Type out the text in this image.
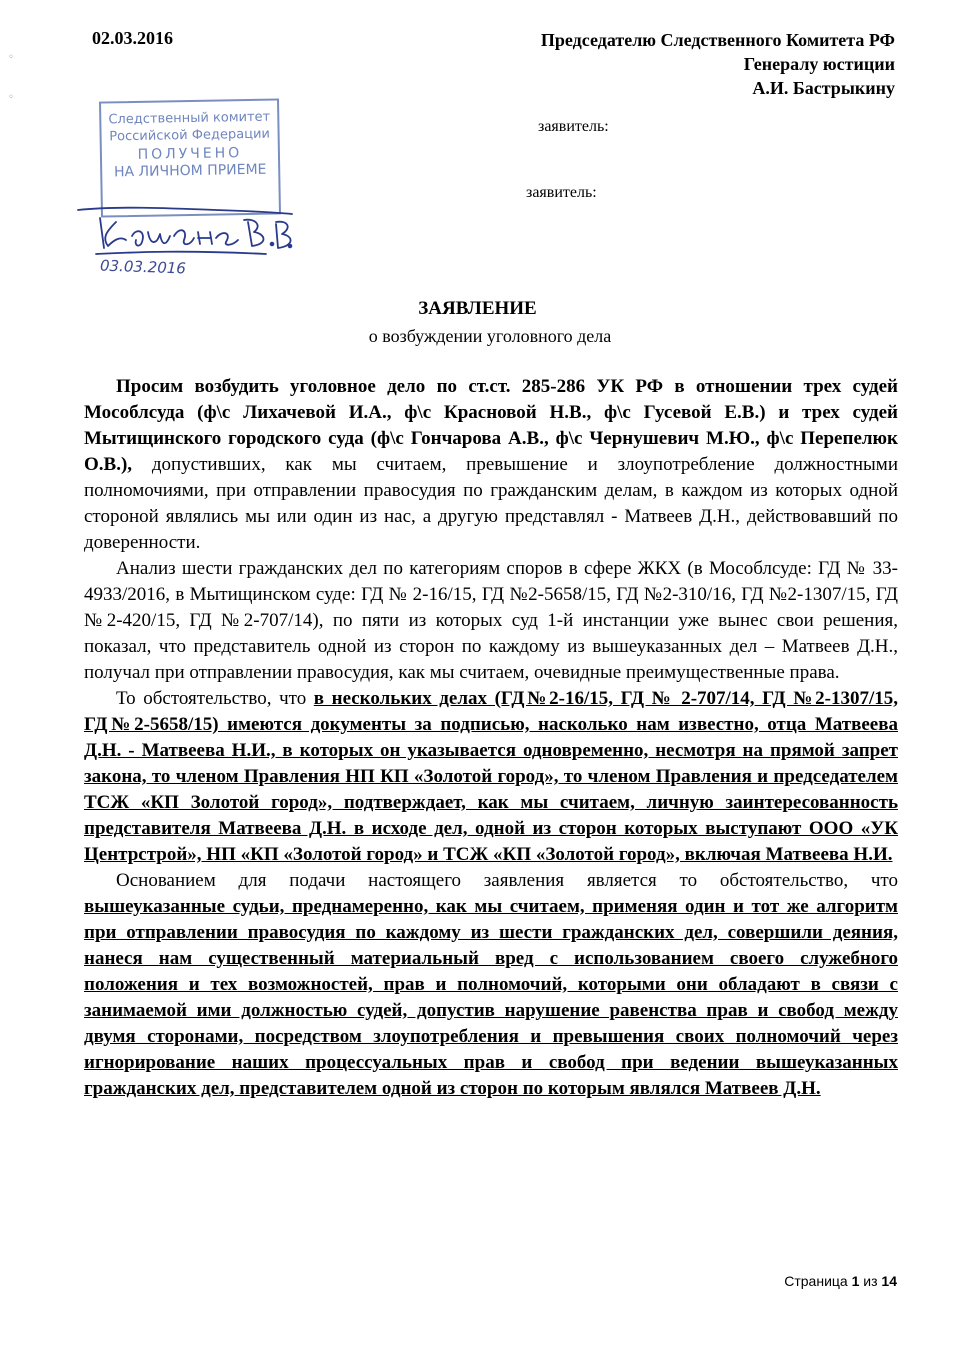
◦
◦
02.03.2016	Председателю Следственного Комитета РФ
Генералу юстиции
А.И. Бастрыкину
заявитель:
заявитель:
Следственный комитет
Российской Федерации
ПОЛУЧЕНО
НА ЛИЧНОМ ПРИЕМЕ
03.03.2016
ЗАЯВЛЕНИЕ
о возбуждении уголовного дела

Просим возбудить уголовное дело по ст.ст. 285-286 УК РФ в отношении трех судей Мособлсуда (ф\с Лихачевой И.А., ф\с Красновой Н.В., ф\с Гусевой Е.В.) и трех судей Мытищинского городского суда (ф\с Гончарова А.В., ф\с Чернушевич М.Ю., ф\с Перепелюк О.В.), допустивших, как мы считаем, превышение и злоупотребление должностными полномочиями, при отправлении правосудия по гражданским делам, в каждом из которых одной стороной являлись мы или один из нас, а другую представлял - Матвеев Д.Н., действовавший по доверенности.

Анализ шести гражданских дел по категориям споров в сфере ЖКХ (в Мособлсуде: ГД № 33-4933/2016, в Мытищинском суде: ГД № 2-16/15, ГД №2-5658/15, ГД №2-310/16, ГД №2-1307/15, ГД №2-420/15, ГД №2-707/14), по пяти из которых суд 1-й инстанции уже вынес свои решения, показал, что представитель одной из сторон по каждому из вышеуказанных дел – Матвеев Д.Н., получал при отправлении правосудия, как мы считаем, очевидные преимущественные права.

То обстоятельство, что в нескольких делах (ГД№2-16/15, ГД № 2-707/14, ГД №2-1307/15, ГД№2-5658/15) имеются документы за подписью, насколько нам известно, отца Матвеева Д.Н. - Матвеева Н.И., в которых он указывается одновременно, несмотря на прямой запрет закона, то членом Правления НП КП «Золотой город», то членом Правления и председателем ТСЖ «КП Золотой город», подтверждает, как мы считаем, личную заинтересованность представителя Матвеева Д.Н. в исходе дел, одной из сторон которых выступают ООО «УК Центрстрой», НП «КП «Золотой город» и ТСЖ «КП «Золотой город», включая Матвеева Н.И.

Основанием для подачи настоящего заявления является то обстоятельство, что вышеуказанные судьи, преднамеренно, как мы считаем, применяя один и тот же алгоритм при отправлении правосудия по каждому из шести гражданских дел, совершили деяния, нанеся нам существенный материальный вред с использованием своего служебного положения и тех возможностей, прав и полномочий, которыми они обладают в связи с занимаемой ими должностью судей, допустив нарушение равенства прав и свобод между двумя сторонами, посредством злоупотребления и превышения своих полномочий через игнорирование наших процессуальных прав и свобод при ведении вышеуказанных гражданских дел, представителем одной из сторон по которым являлся Матвеев Д.Н.

Страница 1 из 14
